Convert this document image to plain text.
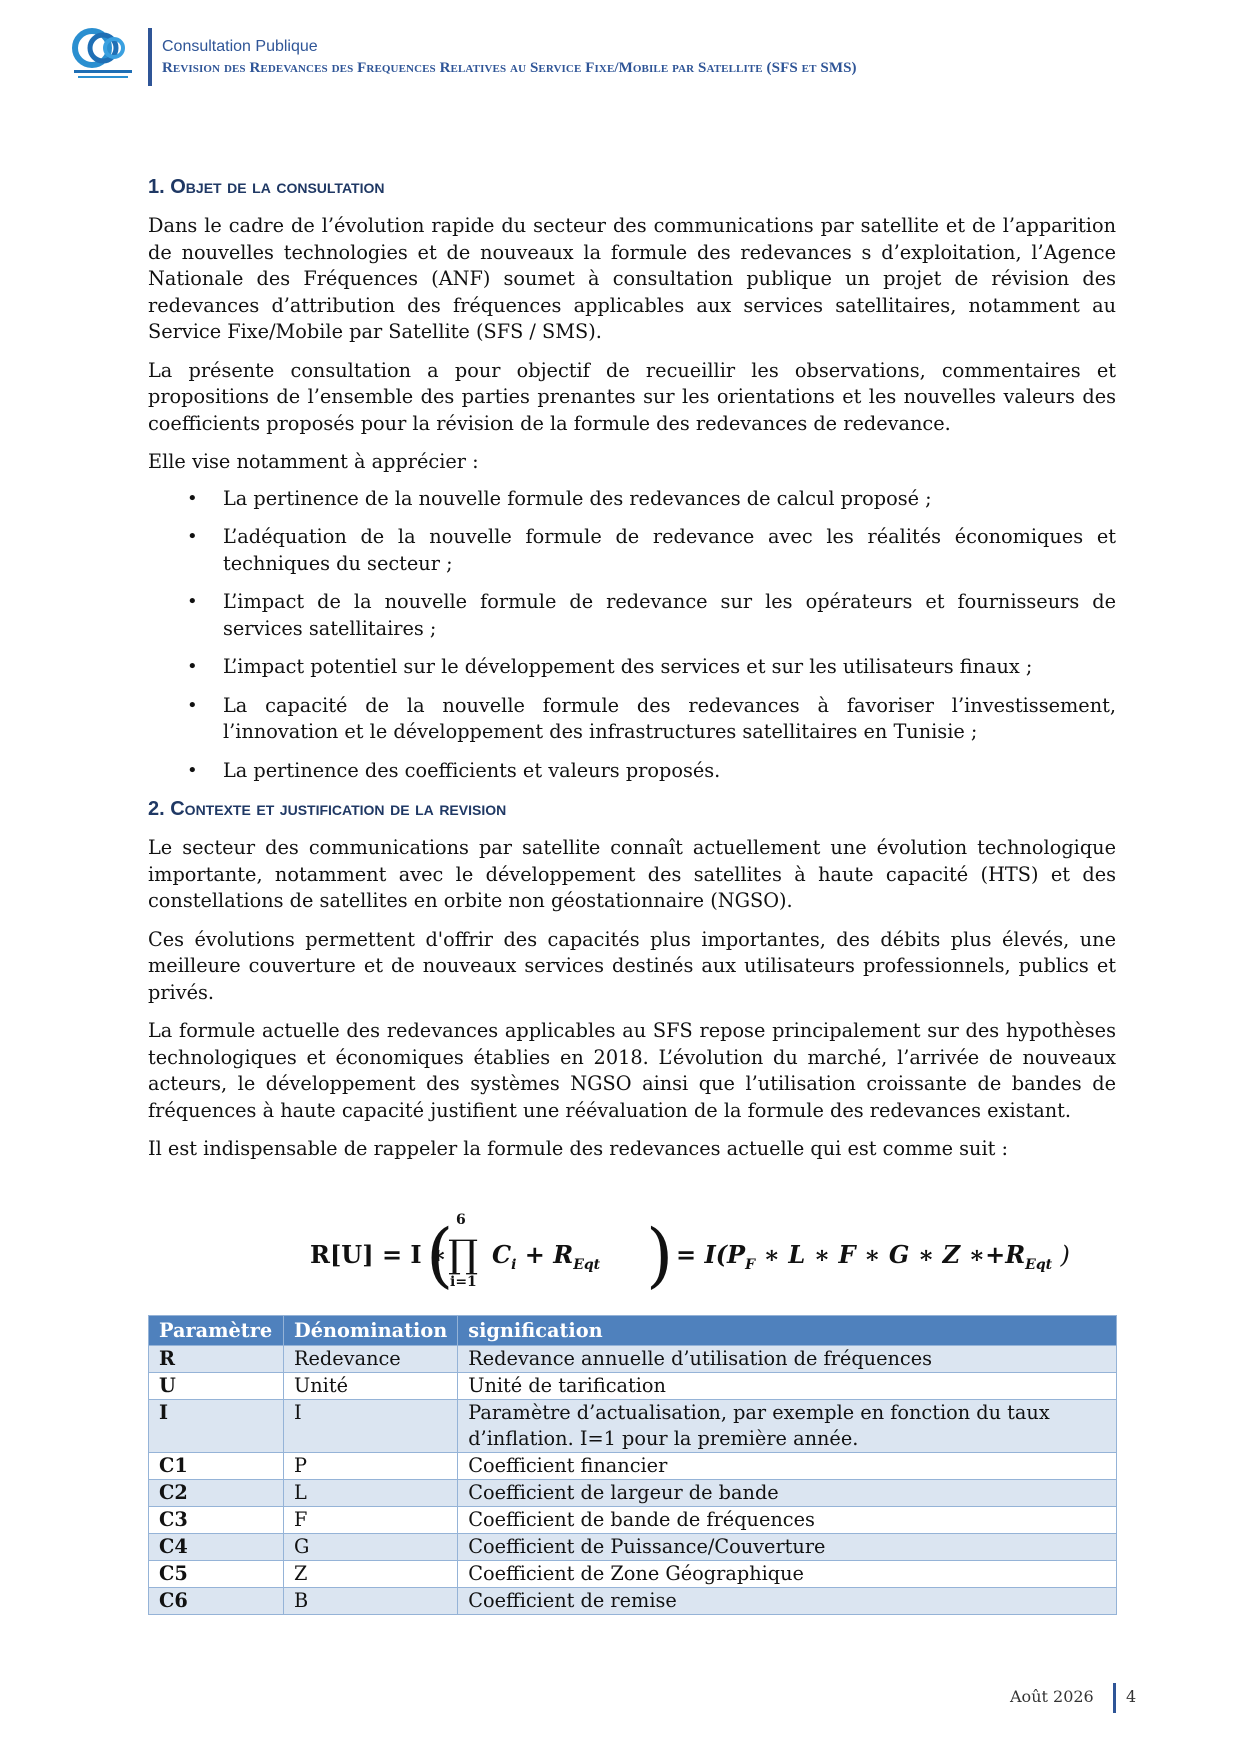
Consultation Publique
Revision des Redevances des Frequences Relatives au Service Fixe/Mobile par Satellite (SFS et SMS)
1. Objet de la consultation

Dans le cadre de l’évolution rapide du secteur des communications par satellite et de l’apparition de nouvelles technologies et de nouveaux la formule des redevances s d’exploitation, l’Agence Nationale des Fréquences (ANF) soumet à consultation publique un projet de révision des redevances d’attribution des fréquences applicables aux services satellitaires, notamment au Service Fixe/Mobile par Satellite (SFS / SMS).

La présente consultation a pour objectif de recueillir les observations, commentaires et propositions de l’ensemble des parties prenantes sur les orientations et les nouvelles valeurs des coefficients proposés pour la révision de la formule des redevances de redevance.

Elle vise notamment à apprécier :

• La pertinence de la nouvelle formule des redevances de calcul proposé ;
• L’adéquation de la nouvelle formule de redevance avec les réalités économiques et techniques du secteur ;
• L’impact de la nouvelle formule de redevance sur les opérateurs et fournisseurs de services satellitaires ;
• L’impact potentiel sur le développement des services et sur les utilisateurs finaux ;
• La capacité de la nouvelle formule des redevances à favoriser l’investissement, l’innovation et le développement des infrastructures satellitaires en Tunisie ;
• La pertinence des coefficients et valeurs proposés.
2. Contexte et justification de la revision

Le secteur des communications par satellite connaît actuellement une évolution technologique importante, notamment avec le développement des satellites à haute capacité (HTS) et des constellations de satellites en orbite non géostationnaire (NGSO).

Ces évolutions permettent d'offrir des capacités plus importantes, des débits plus élevés, une meilleure couverture et de nouveaux services destinés aux utilisateurs professionnels, publics et privés.

La formule actuelle des redevances applicables au SFS repose principalement sur des hypothèses technologiques et économiques établies en 2018. L’évolution du marché, l’arrivée de nouveaux acteurs, le développement des systèmes NGSO ainsi que l’utilisation croissante de bandes de fréquences à haute capacité justifient une réévaluation de la formule des redevances existant.

Il est indispensable de rappeler la formule des redevances actuelle qui est comme suit :

R[U] = I ∗
( 6
∏
i=1
$C_i + R_{Eqt}$ ) = $I(P_F$ ∗ L ∗ F ∗ G ∗ Z $∗+R_{Eqt}$ )
Paramètre	Dénomination	signification
R	Redevance	Redevance annuelle d’utilisation de fréquences
U	Unité	Unité de tarification
I	I	Paramètre d’actualisation, par exemple en fonction du taux d’inflation. I=1 pour la première année.
C1	P	Coefficient financier
C2	L	Coefficient de largeur de bande
C3	F	Coefficient de bande de fréquences
C4	G	Coefficient de Puissance/Couverture
C5	Z	Coefficient de Zone Géographique
C6	B	Coefficient de remise
Août 2026 4
